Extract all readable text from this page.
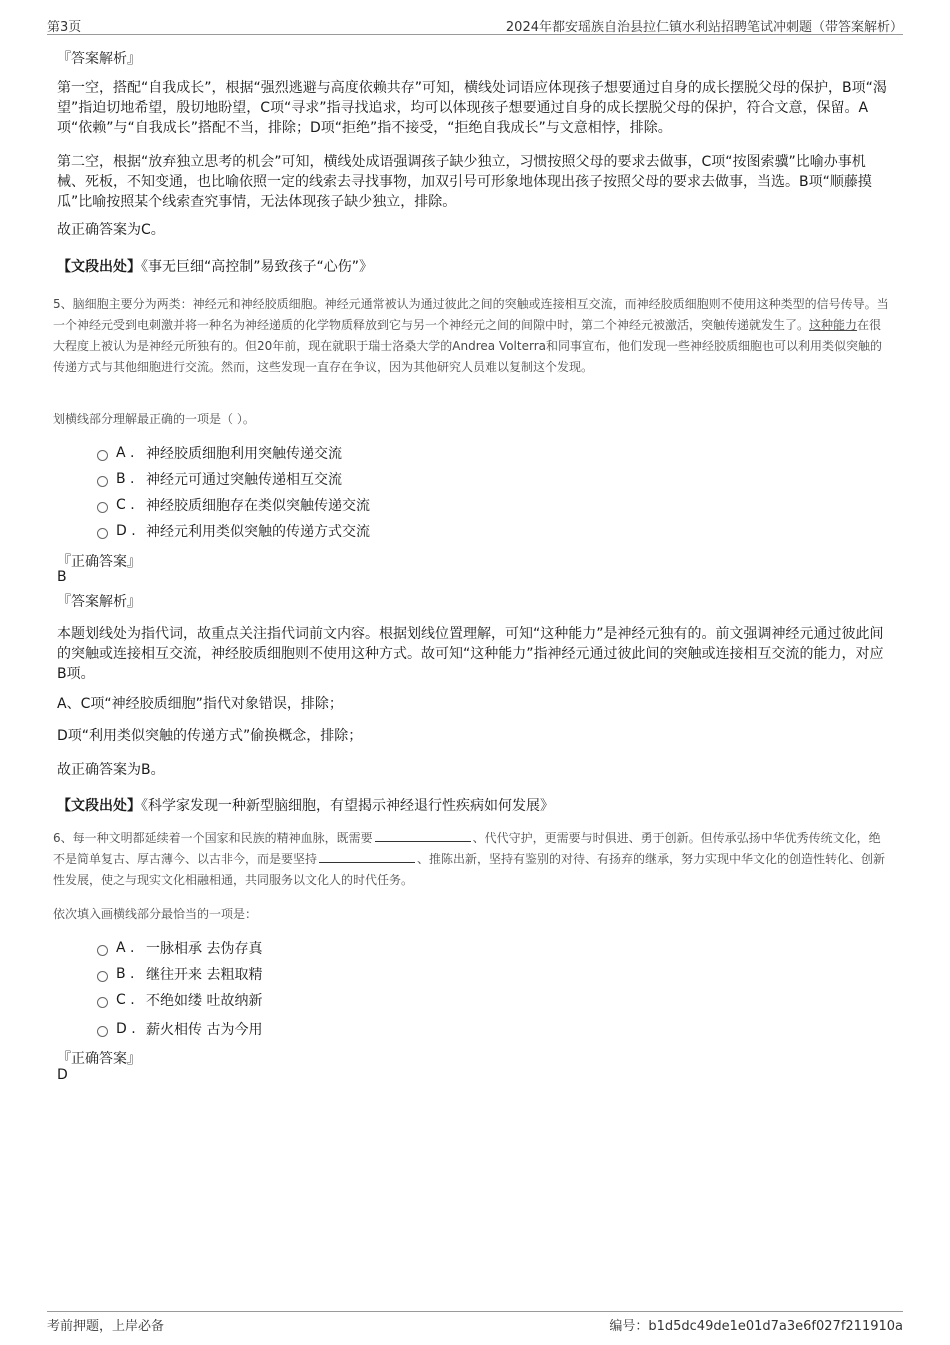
第3页	2024年都安瑶族自治县拉仁镇水利站招聘笔试冲刺题（带答案解析）
『答案解析』

第一空，搭配“自我成长”，根据“强烈逃避与高度依赖共存”可知，横线处词语应体现孩子想要通过自身的成长摆脱父母的保护，B项“渴望”指迫切地希望，殷切地盼望，C项“寻求”指寻找追求，均可以体现孩子想要通过自身的成长摆脱父母的保护，符合文意，保留。A项“依赖”与“自我成长”搭配不当，排除；D项“拒绝”指不接受，“拒绝自我成长”与文意相悖，排除。

第二空，根据“放弃独立思考的机会”可知，横线处成语强调孩子缺少独立，习惯按照父母的要求去做事，C项“按图索骥”比喻办事机械、死板，不知变通，也比喻依照一定的线索去寻找事物，加双引号可形象地体现出孩子按照父母的要求去做事，当选。B项“顺藤摸瓜”比喻按照某个线索查究事情，无法体现孩子缺少独立，排除。

故正确答案为C。
【文段出处】《事无巨细“高控制”易致孩子“心伤”》

5、脑细胞主要分为两类：神经元和神经胶质细胞。神经元通常被认为通过彼此之间的突触或连接相互交流，而神经胶质细胞则不使用这种类型的信号传导。当一个神经元受到电刺激并将一种名为神经递质的化学物质释放到它与另一个神经元之间的间隙中时，第二个神经元被激活，突触传递就发生了。这种能力在很大程度上被认为是神经元所独有的。但20年前，现在就职于瑞士洛桑大学的Andrea Volterra和同事宣布，他们发现一些神经胶质细胞也可以利用类似突触的传递方式与其他细胞进行交流。然而，这些发现一直存在争议，因为其他研究人员难以复制这个发现。

划横线部分理解最正确的一项是（ ）。
A . 神经胶质细胞利用突触传递交流
B . 神经元可通过突触传递相互交流
C . 神经胶质细胞存在类似突触传递交流
D . 神经元利用类似突触的传递方式交流
『正确答案』
B
『答案解析』

本题划线处为指代词，故重点关注指代词前文内容。根据划线位置理解，可知“这种能力”是神经元独有的。前文强调神经元通过彼此间的突触或连接相互交流，神经胶质细胞则不使用这种方式。故可知“这种能力”指神经元通过彼此间的突触或连接相互交流的能力，对应B项。

A、C项“神经胶质细胞”指代对象错误，排除；
D项“利用类似突触的传递方式”偷换概念，排除；
故正确答案为B。
【文段出处】《科学家发现一种新型脑细胞，有望揭示神经退行性疾病如何发展》

6、每一种文明都延续着一个国家和民族的精神血脉，既需要	、代代守护，更需要与时俱进、勇于创新。但传承弘扬中华优秀传统文化，绝不是简单复古、厚古薄今、以古非今，而是要坚持	、推陈出新，坚持有鉴别的对待、有扬弃的继承，努力实现中华文化的创造性转化、创新性发展，使之与现实文化相融相通，共同服务以文化人的时代任务。

依次填入画横线部分最恰当的一项是：
A . 一脉相承 去伪存真
B . 继往开来 去粗取精
C . 不绝如缕 吐故纳新
D . 薪火相传 古为今用
『正确答案』
D
考前押题，上岸必备	编号：b1d5dc49de1e01d7a3e6f027f211910a
